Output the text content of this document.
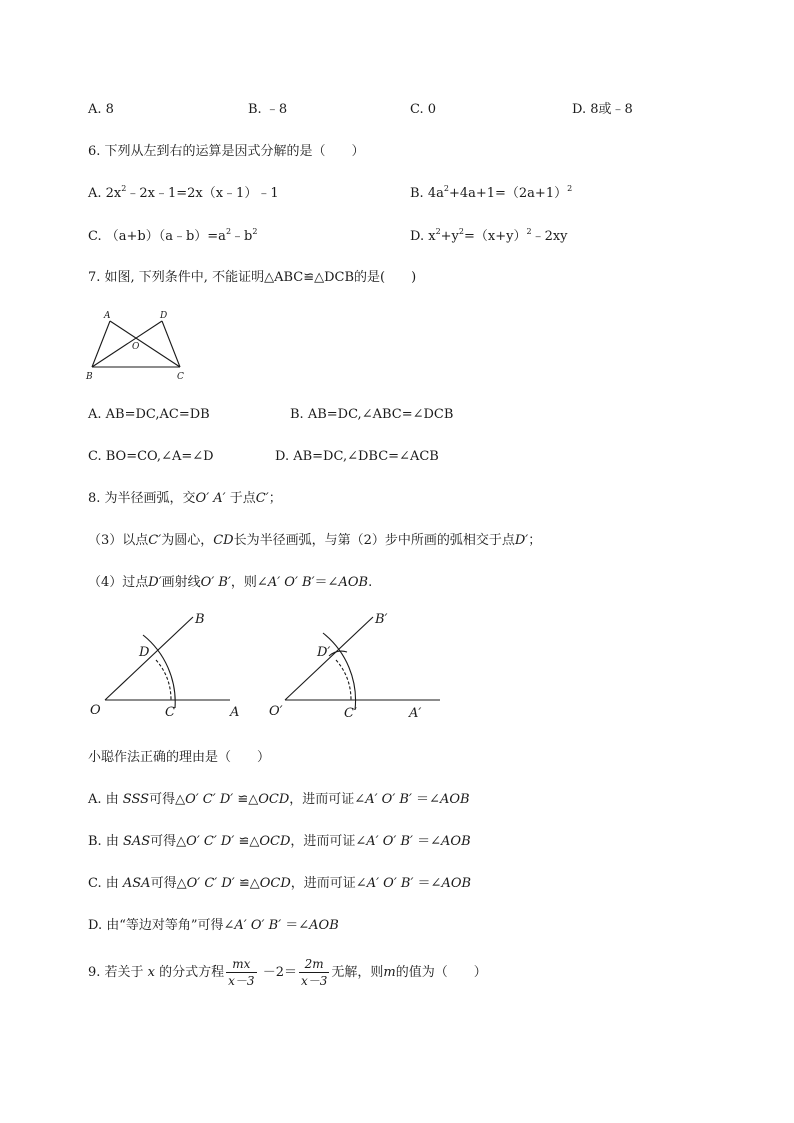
A. 8	B. ﹣8	C. 0	D. 8或﹣8
6. 下列从左到右的运算是因式分解的是（　　）
A. $2x^2﹣2x﹣1=2x(x﹣1)﹣1$	B. $4a^2+4a+1=(2a+1)^2$
C. $(a+b)(a﹣b)=a^2﹣b^2$	D. $x^2+y^2=(x+y)^2﹣2xy$
7. 如图, 下列条件中, 不能证明△ABC≌△DCB的是(　　)
A	D
O
B	C
A. AB=DC,AC=DB	B. AB=DC,∠ABC=∠DCB
C. BO=CO,∠A=∠D	D. AB=DC,∠DBC=∠ACB
8. 为半径画弧，交O′ A′ 于点C′；
（3）以点C′为圆心，CD长为半径画弧，与第（2）步中所画的弧相交于点D′；
（4）过点D′画射线O′ B′，则∠A′ O′ B′＝∠AOB.
B
D
O	C	A
B′
D′
O′	C′	A′
小聪作法正确的理由是（　　）
A. 由 SSS可得△O′ C′ D′ ≌△OCD，进而可证∠A′ O′ B′ ＝∠AOB
B. 由 SAS可得△O′ C′ D′ ≌△OCD，进而可证∠A′ O′ B′ ＝∠AOB
C. 由 ASA可得△O′ C′ D′ ≌△OCD，进而可证∠A′ O′ B′ ＝∠AOB
D. 由“等边对等角”可得∠A′ O′ B′ ＝∠AOB
9. 若关于 x 的分式方程 $\frac{mx}{x-3} -2= \frac{2m}{x-3}$ 无解，则m的值为（　　）
